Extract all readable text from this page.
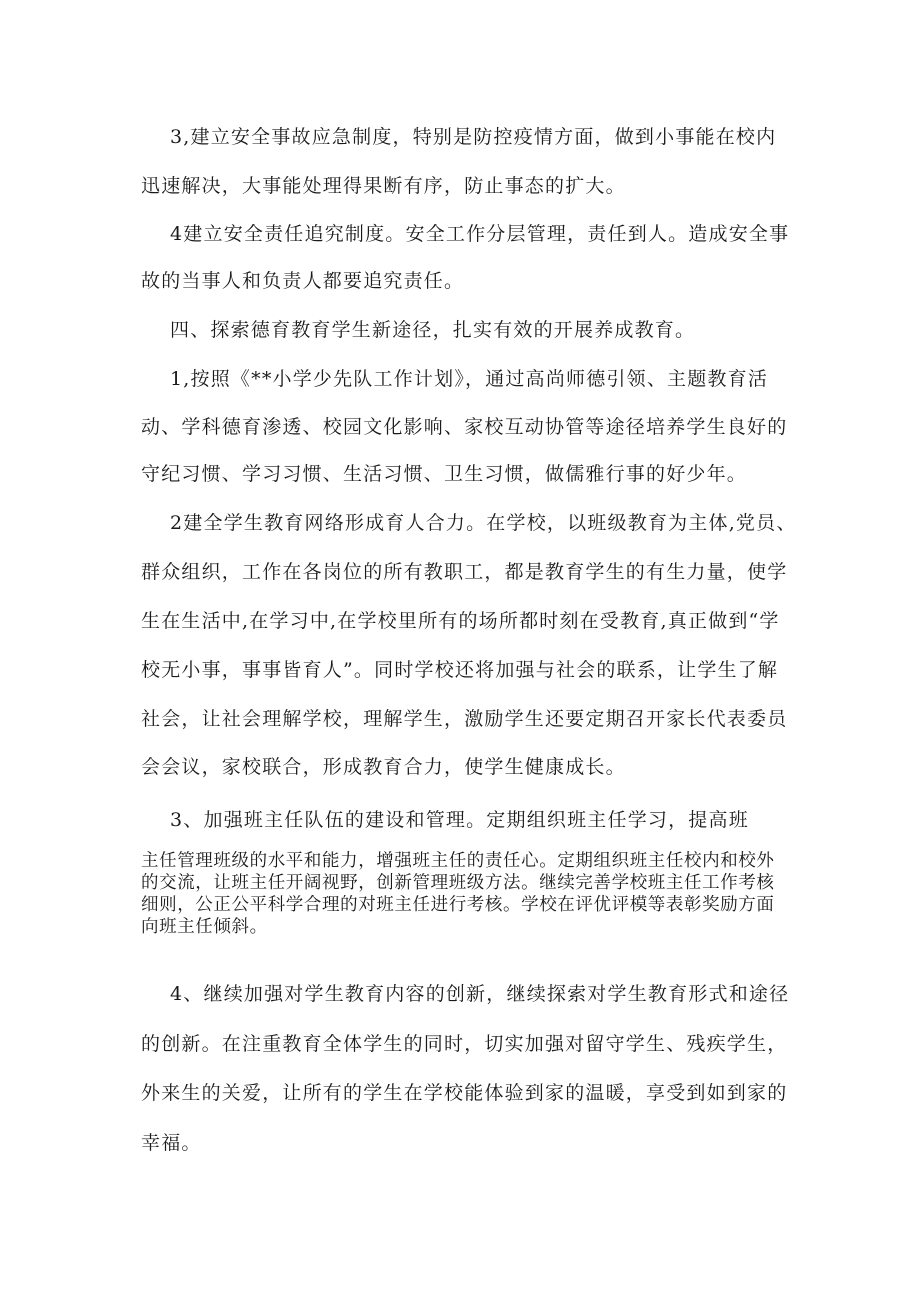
3,建立安全事故应急制度，特别是防控疫情方面，做到小事能在校内
迅速解决，大事能处理得果断有序，防止事态的扩大。
4建立安全责任追究制度。安全工作分层管理，责任到人。造成安全事
故的当事人和负责人都要追究责任。
四、探索德育教育学生新途径，扎实有效的开展养成教育。
1,按照《**小学少先队工作计划》，通过高尚师德引领、主题教育活
动、学科德育渗透、校园文化影响、家校互动协管等途径培养学生良好的
守纪习惯、学习习惯、生活习惯、卫生习惯，做儒雅行事的好少年。
2建全学生教育网络形成育人合力。在学校，以班级教育为主体,党员、
群众组织，工作在各岗位的所有教职工，都是教育学生的有生力量，使学
生在生活中,在学习中,在学校里所有的场所都时刻在受教育,真正做到“学
校无小事，事事皆育人”。同时学校还将加强与社会的联系，让学生了解
社会，让社会理解学校，理解学生，激励学生还要定期召开家长代表委员
会会议，家校联合，形成教育合力，使学生健康成长。
3、加强班主任队伍的建设和管理。定期组织班主任学习，提高班
主任管理班级的水平和能力，增强班主任的责任心。定期组织班主任校内和校外的交流，让班主任开阔视野，创新管理班级方法。继续完善学校班主任工作考核细则，公正公平科学合理的对班主任进行考核。学校在评优评模等表彰奖励方面向班主任倾斜。
4、继续加强对学生教育内容的创新，继续探索对学生教育形式和途径
的创新。在注重教育全体学生的同时，切实加强对留守学生、残疾学生，
外来生的关爱，让所有的学生在学校能体验到家的温暖，享受到如到家的
幸福。
